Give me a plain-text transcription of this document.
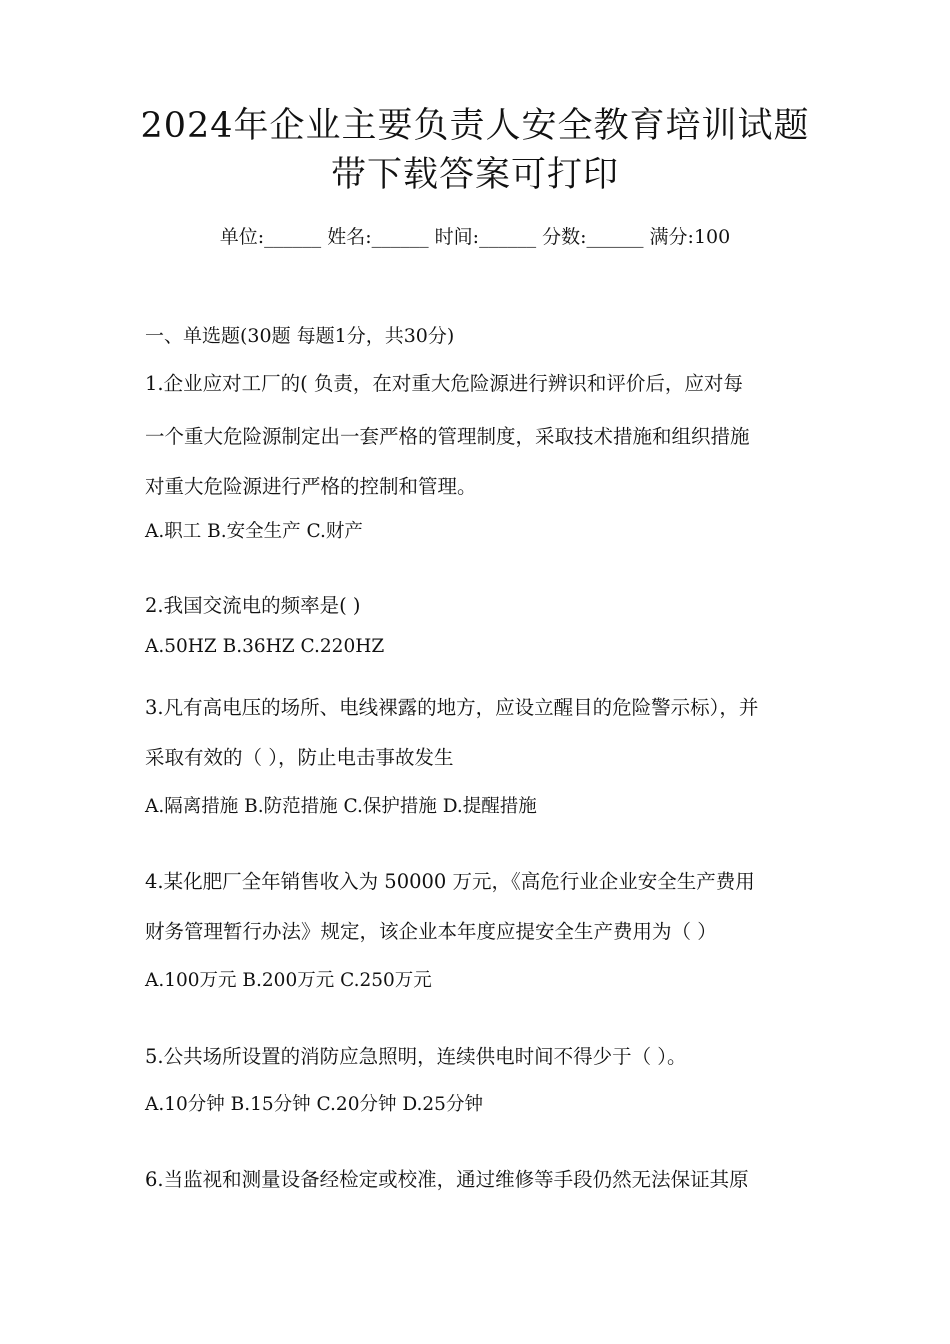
2024年企业主要负责人安全教育培训试题
带下载答案可打印
单位:______ 姓名:______ 时间:______ 分数:______ 满分:100
一、单选题(30题 每题1分，共30分)
1.企业应对工厂的( 负责，在对重大危险源进行辨识和评价后，应对每
一个重大危险源制定出一套严格的管理制度，采取技术措施和组织措施
对重大危险源进行严格的控制和管理。
A.职工 B.安全生产 C.财产
2.我国交流电的频率是( )
A.50HZ B.36HZ C.220HZ
3.凡有高电压的场所、电线裸露的地方，应设立醒目的危险警示标），并
采取有效的（ ），防止电击事故发生
A.隔离措施 B.防范措施 C.保护措施 D.提醒措施
4.某化肥厂全年销售收入为 50000 万元，《高危行业企业安全生产费用
财务管理暂行办法》规定，该企业本年度应提安全生产费用为（ ）
A.100万元 B.200万元 C.250万元
5.公共场所设置的消防应急照明，连续供电时间不得少于（ ）。
A.10分钟 B.15分钟 C.20分钟 D.25分钟
6.当监视和测量设备经检定或校准，通过维修等手段仍然无法保证其原
